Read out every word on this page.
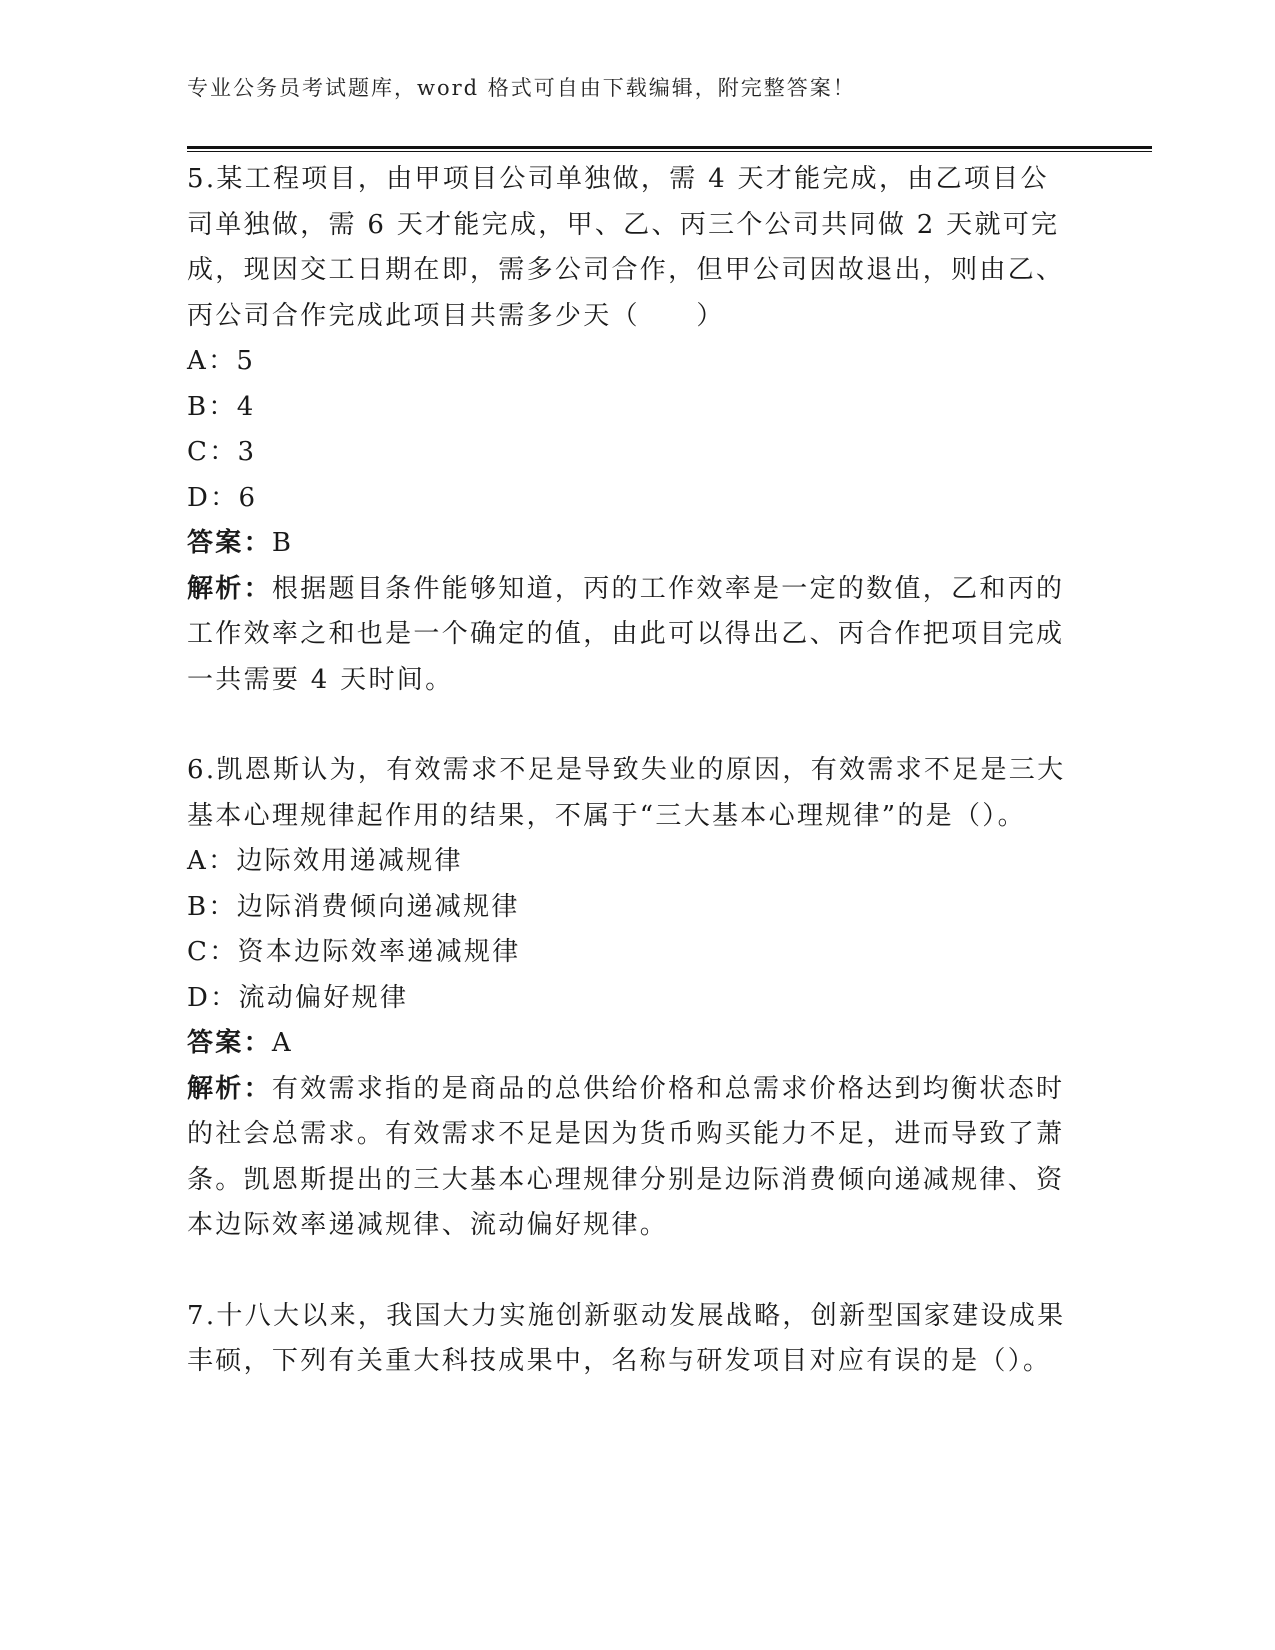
专业公务员考试题库，word 格式可自由下载编辑，附完整答案！

5.某工程项目，由甲项目公司单独做，需 4 天才能完成，由乙项目公司单独做，需 6 天才能完成，甲、乙、丙三个公司共同做 2 天就可完成，现因交工日期在即，需多公司合作，但甲公司因故退出，则由乙、丙公司合作完成此项目共需多少天（　　）

A：5

B：4

C：3

D：6

答案：B

解析：根据题目条件能够知道，丙的工作效率是一定的数值，乙和丙的工作效率之和也是一个确定的值，由此可以得出乙、丙合作把项目完成一共需要 4 天时间。

6.凯恩斯认为，有效需求不足是导致失业的原因，有效需求不足是三大基本心理规律起作用的结果，不属于“三大基本心理规律”的是（）。

A：边际效用递减规律

B：边际消费倾向递减规律

C：资本边际效率递减规律

D：流动偏好规律

答案：A

解析：有效需求指的是商品的总供给价格和总需求价格达到均衡状态时的社会总需求。有效需求不足是因为货币购买能力不足，进而导致了萧条。凯恩斯提出的三大基本心理规律分别是边际消费倾向递减规律、资本边际效率递减规律、流动偏好规律。

7.十八大以来，我国大力实施创新驱动发展战略，创新型国家建设成果丰硕，下列有关重大科技成果中，名称与研发项目对应有误的是（）。
